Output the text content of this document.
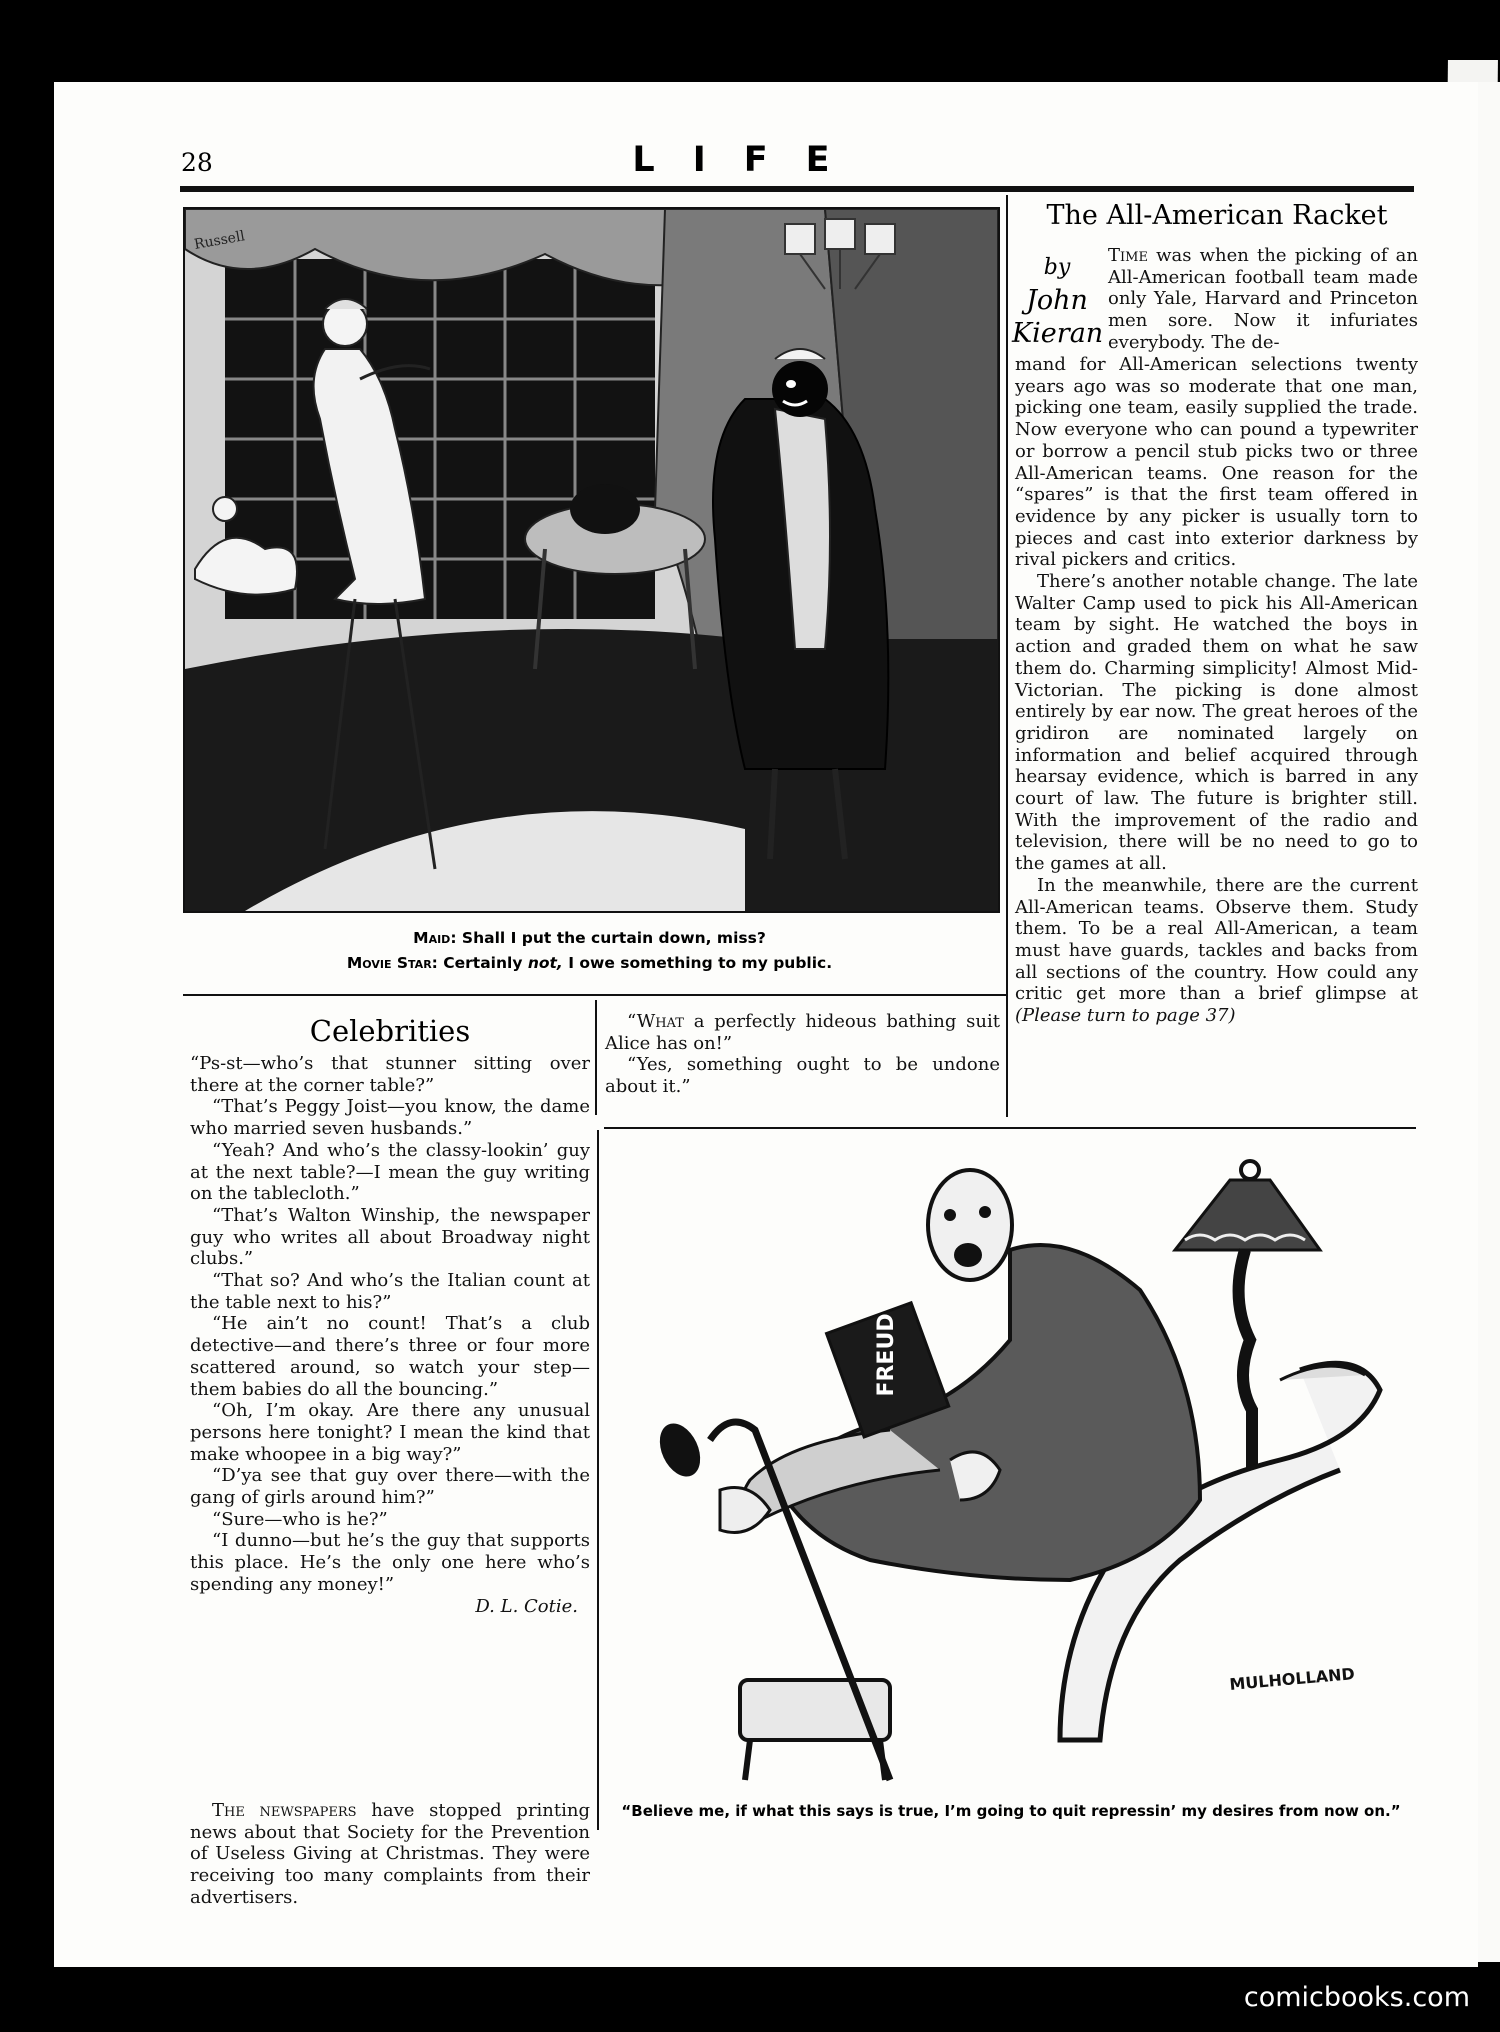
28	LIFE
Russell
Maid: Shall I put the curtain down, miss?
Movie Star: Certainly not, I owe something to my public.
The All-American Racket
by
John
Kieran

Time was when the picking of an All-American football team made only Yale, Harvard and Princeton men sore. Now it infuriates everybody. The de-

mand for All-American selections twenty years ago was so moderate that one man, picking one team, easily supplied the trade. Now everyone who can pound a typewriter or borrow a pencil stub picks two or three All-American teams. One reason for the “spares” is that the first team offered in evidence by any picker is usually torn to pieces and cast into exterior darkness by rival pickers and critics.

There’s another notable change. The late Walter Camp used to pick his All-American team by sight. He watched the boys in action and graded them on what he saw them do. Charming simplicity! Almost Mid-Victorian. The picking is done almost entirely by ear now. The great heroes of the gridiron are nominated largely on information and belief acquired through hearsay evidence, which is barred in any court of law. The future is brighter still. With the improvement of the radio and television, there will be no need to go to the games at all.

In the meanwhile, there are the current All-American teams. Observe them. Study them. To be a real All-American, a team must have guards, tackles and backs from all sections of the country. How could any critic get more than a brief glimpse at (Please turn to page 37)

Celebrities

“Ps-st—who’s that stunner sitting over there at the corner table?”

“That’s Peggy Joist—you know, the dame who married seven husbands.”

“Yeah? And who’s the classy-lookin’ guy at the next table?—I mean the guy writing on the tablecloth.”

“That’s Walton Winship, the newspaper guy who writes all about Broadway night clubs.”

“That so? And who’s the Italian count at the table next to his?”

“He ain’t no count! That’s a club detective—and there’s three or four more scattered around, so watch your step—them babies do all the bouncing.”

“Oh, I’m okay. Are there any unusual persons here tonight? I mean the kind that make whoopee in a big way?”

“D’ya see that guy over there—with the gang of girls around him?”

“Sure—who is he?”

“I dunno—but he’s the guy that supports this place. He’s the only one here who’s spending any money!”

D. L. Cotie.

The newspapers have stopped printing news about that Society for the Prevention of Useless Giving at Christmas. They were receiving too many complaints from their advertisers.

“What a perfectly hideous bathing suit Alice has on!”

“Yes, something ought to be undone about it.”

FREUD
MULHOLLAND
“Believe me, if what this says is true, I’m going to quit repressin’ my desires from now on.”
comicbooks.com
